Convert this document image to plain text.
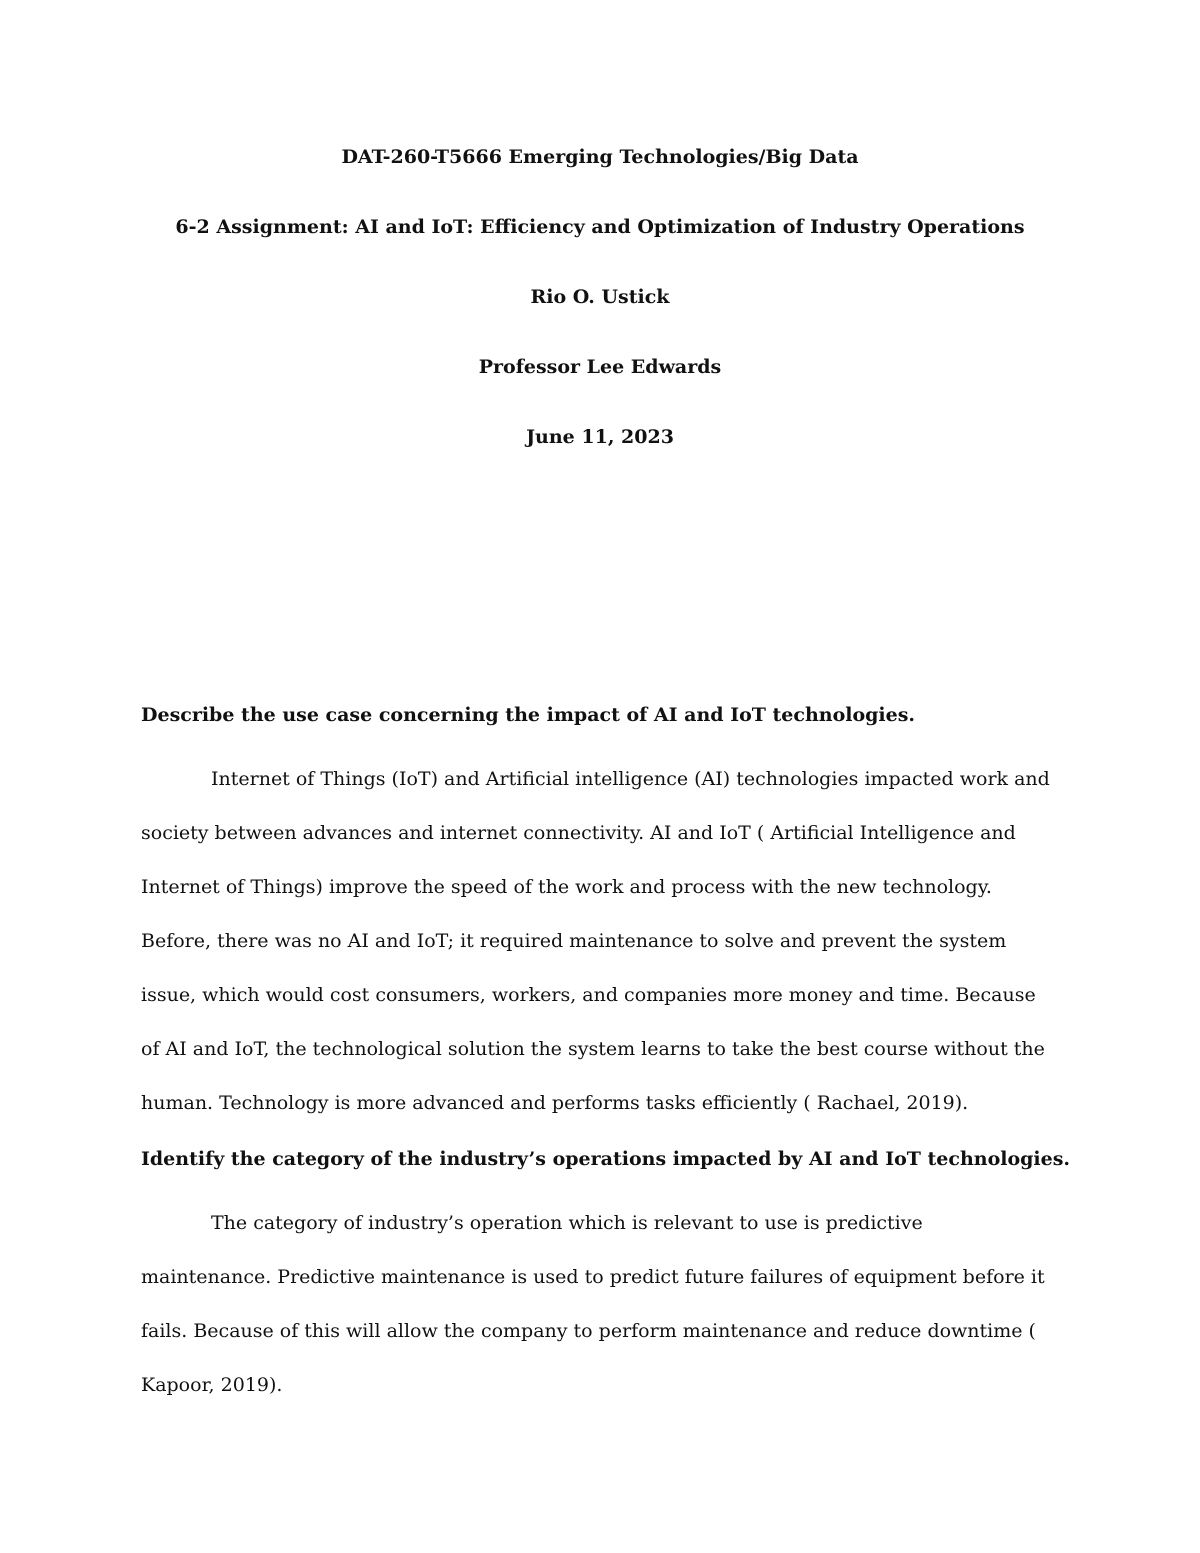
DAT-260-T5666 Emerging Technologies/Big Data
6-2 Assignment: AI and IoT: Efficiency and Optimization of Industry Operations
Rio O. Ustick
Professor Lee Edwards
June 11, 2023
Describe the use case concerning the impact of AI and IoT technologies.

Internet of Things (IoT) and Artificial intelligence (AI) technologies impacted work and society between advances and internet connectivity. AI and IoT ( Artificial Intelligence and Internet of Things) improve the speed of the work and process with the new technology. Before, there was no AI and IoT; it required maintenance to solve and prevent the system issue, which would cost consumers, workers, and companies more money and time. Because of AI and IoT, the technological solution the system learns to take the best course without the human. Technology is more advanced and performs tasks efficiently ( Rachael, 2019).

Identify the category of the industry’s operations impacted by AI and IoT technologies.

The category of industry’s operation which is relevant to use is predictive maintenance. Predictive maintenance is used to predict future failures of equipment before it fails. Because of this will allow the company to perform maintenance and reduce downtime ( Kapoor, 2019).
